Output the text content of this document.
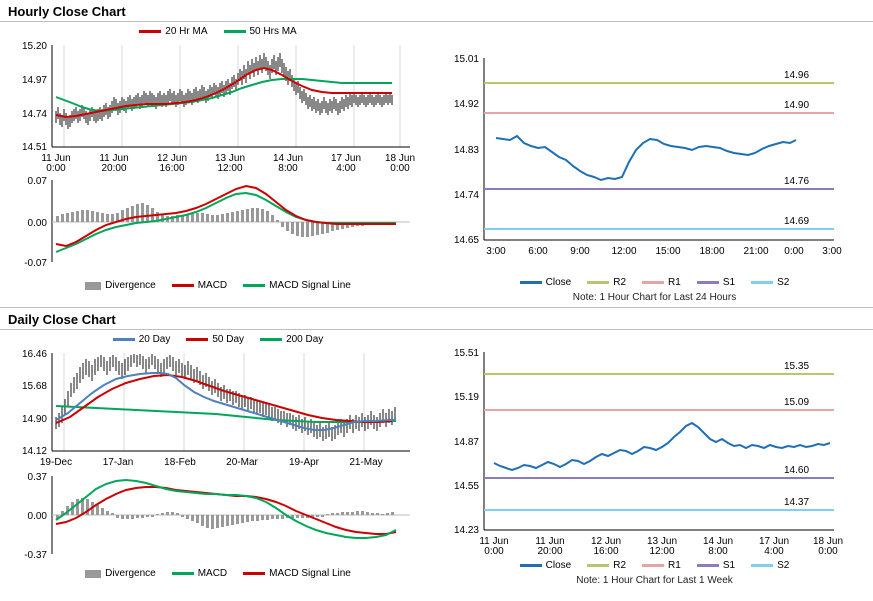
Hourly Close Chart
20 Hr MA	50 Hrs MA
15.20
14.97
14.74
14.51
11 Jun
0:00
11 Jun
20:00
12 Jun
16:00
13 Jun
12:00
14 Jun
8:00
17 Jun
4:00
18 Jun
0:00
0.07
0.00
-0.07
Divergence	MACD	MACD Signal Line
15.01
14.92
14.83
14.74
14.65
14.96
14.90
14.76
14.69
3:00 6:00 9:00 12:00 15:00 18:00 21:00 0:00 3:00
Close	R2	R1	S1	S2
Note: 1 Hour Chart for Last 24 Hours
Daily Close Chart
20 Day	50 Day	200 Day
16.46
15.68
14.90
14.12
19-Dec	17-Jan	18-Feb	20-Mar	19-Apr	21-May
0.37
0.00
-0.37
Divergence	MACD	MACD Signal Line
15.51
15.19
14.87
14.55
14.23
15.35
15.09
14.60
14.37
11 Jun
0:00
11 Jun
20:00
12 Jun
16:00
13 Jun
12:00
14 Jun
8:00
17 Jun
4:00
18 Jun
0:00
Close	R2	R1	S1	S2
Note: 1 Hour Chart for Last 1 Week
